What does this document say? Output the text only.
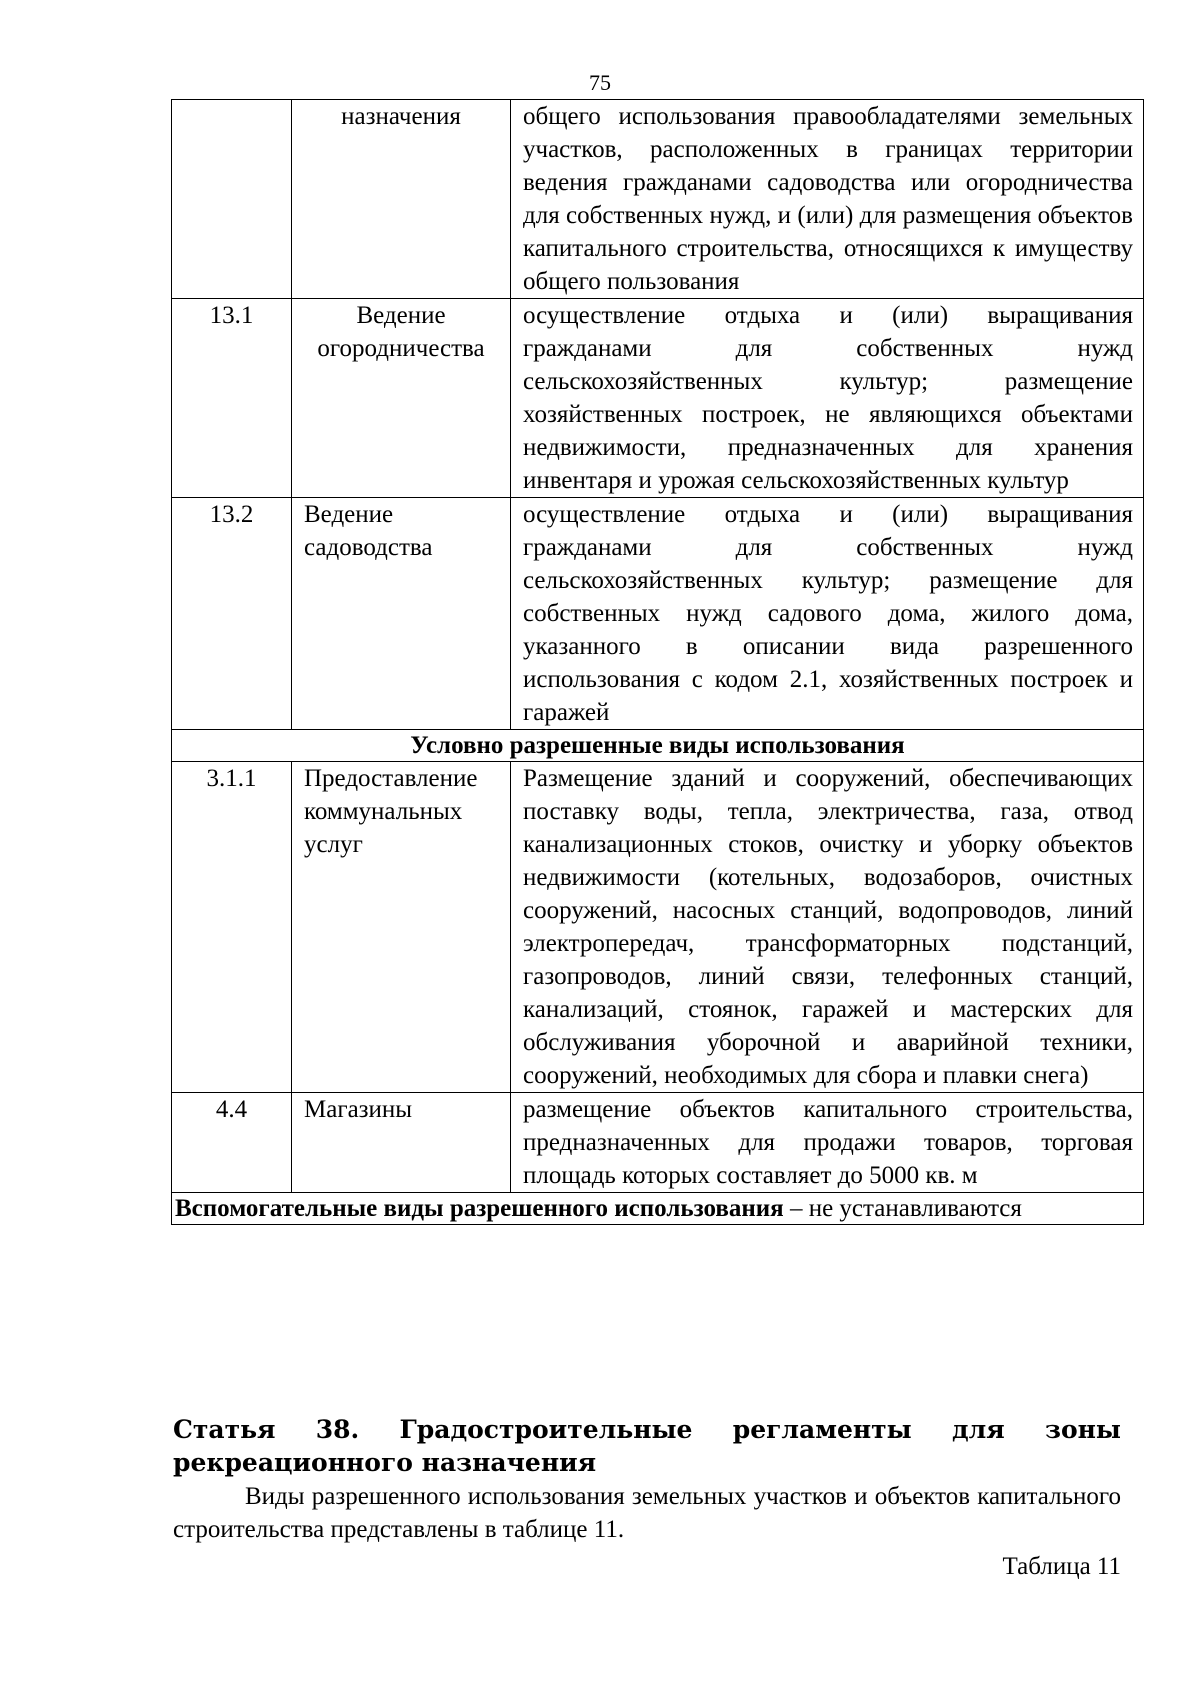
75
	назначения	общего использования правообладателями земельных участков, расположенных в границах территории ведения гражданами садоводства или огородничества для собственных нужд, и (или) для размещения объектов капитального строительства, относящихся к имуществу общего пользования
13.1	Ведение огородничества	осуществление отдыха и (или) выращивания гражданами для собственных нужд сельскохозяйственных культур; размещение хозяйственных построек, не являющихся объектами недвижимости, предназначенных для хранения инвентаря и урожая сельскохозяйственных культур
13.2	Ведение садоводства	осуществление отдыха и (или) выращивания гражданами для собственных нужд сельскохозяйственных культур; размещение для собственных нужд садового дома, жилого дома, указанного в описании вида разрешенного использования с кодом 2.1, хозяйственных построек и гаражей
Условно разрешенные виды использования		
3.1.1	Предоставление коммунальных услуг	Размещение зданий и сооружений, обеспечивающих поставку воды, тепла, электричества, газа, отвод канализационных стоков, очистку и уборку объектов недвижимости (котельных, водозаборов, очистных сооружений, насосных станций, водопроводов, линий электропередач, трансформаторных подстанций, газопроводов, линий связи, телефонных станций, канализаций, стоянок, гаражей и мастерских для обслуживания уборочной и аварийной техники, сооружений, необходимых для сбора и плавки снега)
4.4	Магазины	размещение объектов капитального строительства, предназначенных для продажи товаров, торговая площадь которых составляет до 5000 кв. м
Вспомогательные виды разрешенного использования – не устанавливаются		
Статья 38. Градостроительные регламенты для зоны рекреационного назначения
Виды разрешенного использования земельных участков и объектов капитального строительства представлены в таблице 11.
Таблица 11
